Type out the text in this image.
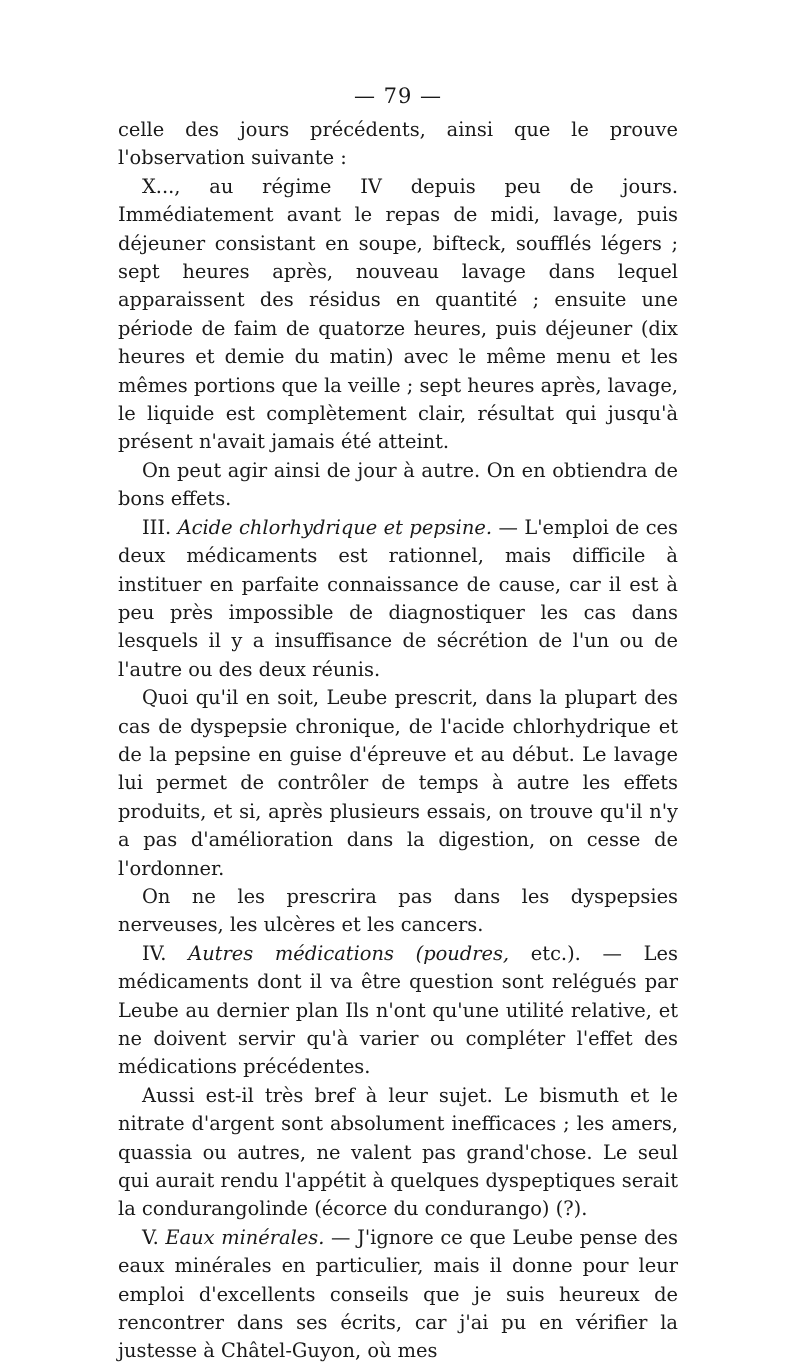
— 79 —

celle des jours précédents, ainsi que le prouve l'observation suivante :

X..., au régime IV depuis peu de jours. Immédiatement avant le repas de midi, lavage, puis déjeuner consistant en soupe, bifteck, soufflés légers ; sept heures après, nouveau lavage dans lequel apparaissent des résidus en quantité ; ensuite une période de faim de quatorze heures, puis déjeuner (dix heures et demie du matin) avec le même menu et les mêmes portions que la veille ; sept heures après, lavage, le liquide est complètement clair, résultat qui jusqu'à présent n'avait jamais été atteint.

On peut agir ainsi de jour à autre. On en obtiendra de bons effets.

III. Acide chlorhydrique et pepsine. — L'emploi de ces deux médicaments est rationnel, mais difficile à instituer en parfaite connaissance de cause, car il est à peu près impossible de diagnostiquer les cas dans lesquels il y a insuffisance de sécrétion de l'un ou de l'autre ou des deux réunis.

Quoi qu'il en soit, Leube prescrit, dans la plupart des cas de dyspepsie chronique, de l'acide chlorhydrique et de la pepsine en guise d'épreuve et au début. Le lavage lui permet de contrôler de temps à autre les effets produits, et si, après plusieurs essais, on trouve qu'il n'y a pas d'amélioration dans la digestion, on cesse de l'ordonner.

On ne les prescrira pas dans les dyspepsies nerveuses, les ulcères et les cancers.

IV. Autres médications (poudres, etc.). — Les médicaments dont il va être question sont relégués par Leube au dernier plan Ils n'ont qu'une utilité relative, et ne doivent servir qu'à varier ou compléter l'effet des médications précédentes.

Aussi est-il très bref à leur sujet. Le bismuth et le nitrate d'argent sont absolument inefficaces ; les amers, quassia ou autres, ne valent pas grand'chose. Le seul qui aurait rendu l'appétit à quelques dyspeptiques serait la condurangolinde (écorce du condurango) (?).

V. Eaux minérales. — J'ignore ce que Leube pense des eaux minérales en particulier, mais il donne pour leur emploi d'excellents conseils que je suis heureux de rencontrer dans ses écrits, car j'ai pu en vérifier la justesse à Châtel-Guyon, où mes
